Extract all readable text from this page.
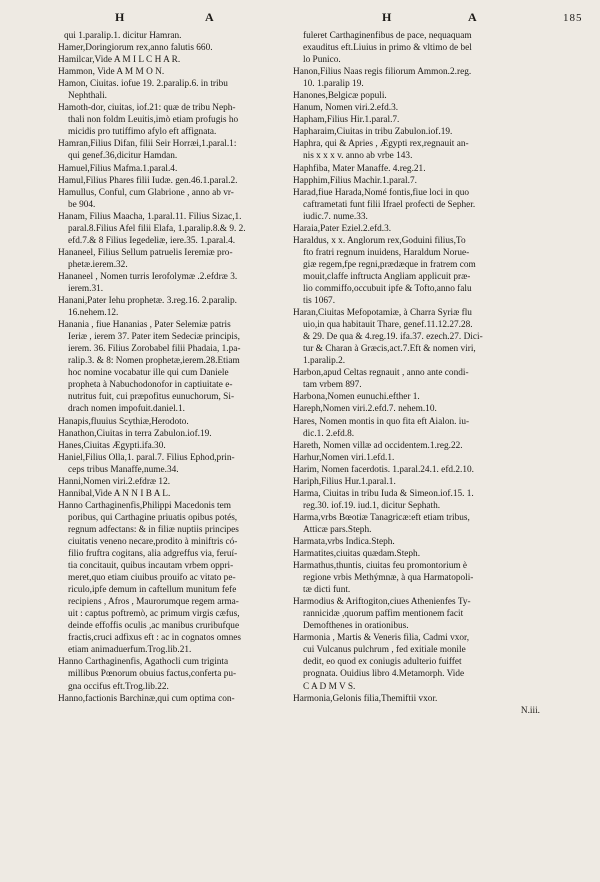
H	A	H	A	185
qui 1.paralip.1. dicitur Hamran.
Hamer,Doringiorum rex,anno falutis 660.
Hamilcar,Vide A M I L C H A R.
Hammon, Vide A M M O N.
Hamon, Ciuitas. iofue 19. 2.paralip.6. in tribu
Nephthali.
Hamoth-dor, ciuitas, iof.21: quæ de tribu Neph-
thali non foldm Leuitis,imò etiam profugis ho
micidis pro tutiffimo afylo eft affignata.
Hamran,Filius Difan, filii Seir Horræi,1.paral.1:
qui genef.36,dicitur Hamdan.
Hamuel,Filius Mafma.1.paral.4.
Hamul,Filius Phares filii Iudæ. gen.46.1.paral.2.
Hamullus, Conful, cum Glabrione , anno ab vr-
be 904.
Hanam, Filius Maacha, 1.paral.11. Filius Sizac,1.
paral.8.Filius Afel filii Elafa, 1.paralip.8.& 9. 2.
efd.7.& 8 Filius Iegedeliæ, iere.35. 1.paral.4.
Hananeel, Filius Sellum patruelis Ieremiæ pro-
phetæ.ierem.32.
Hananeel , Nomen turris Ierofolymæ .2.efdræ 3.
ierem.31.
Hanani,Pater Iehu prophetæ. 3.reg.16. 2.paralip.
16.nehem.12.
Hanania , fiue Hananias , Pater Selemiæ patris
Ieriæ , ierem 37. Pater item Sedeciæ principis,
ierem. 36. Filius Zorobabel filii Phadaia, 1.pa-
ralip.3. & 8: Nomen prophetæ,ierem.28.Etiam
hoc nomine vocabatur ille qui cum Daniele
propheta à Nabuchodonofor in captiuitate e-
nutritus fuit, cui præpofitus eunuchorum, Si-
drach nomen impofuit.daniel.1.
Hanapis,fluuius Scythiæ,Herodoto.
Hanathon,Ciuitas in terra Zabulon.iof.19.
Hanes,Ciuitas Ægypti.ifa.30.
Haniel,Filius Olla,1. paral.7. Filius Ephod,prin-
ceps tribus Manaffe,nume.34.
Hanni,Nomen viri.2.efdræ 12.
Hannibal,Vide A N N I B A L.
Hanno Carthaginenfis,Philippi Macedonis tem
poribus, qui Carthagine priuatis opibus potés,
regnum adfectans: & in filiæ nuptiis principes
ciuitatis veneno necare,prodito à miniftris có-
filio fruftra cogitans, alia adgreffus via, feruí-
tia concitauit, quibus incautam vrbem oppri-
meret,quo etiam ciuibus prouifo ac vitato pe-
riculo,ipfe demum in caftellum munitum fefe
recipiens , Afros , Maurorumque regem arma-
uit : captus poftremò, ac primum virgis cæfus,
deinde effoffis oculis ,ac manibus cruribufque
fractis,cruci adfixus eft : ac in cognatos omnes
etiam animaduerfum.Trog.lib.21.
Hanno Carthaginenfis, Agathocli cum triginta
millibus Pœnorum obuius factus,conferta pu-
gna occifus eft.Trog.lib.22.
Hanno,factionis Barchinæ,qui cum optima con-
fuleret Carthaginenfibus de pace, nequaquam
exauditus eft.Liuius in primo & vltimo de bel
lo Punico.
Hanon,Filius Naas regis filiorum Ammon.2.reg.
10. 1.paralip 19.
Hanones,Belgicæ populi.
Hanum, Nomen viri.2.efd.3.
Hapham,Filius Hir.1.paral.7.
Hapharaim,Ciuitas in tribu Zabulon.iof.19.
Haphra, qui & Apries , Ægypti rex,regnauit an-
nis x x x v. anno ab vrbe 143.
Haphfiba, Mater Manaffe. 4.reg.21.
Happhim,Filius Machir.1.paral.7.
Harad,fiue Harada,Nomé fontis,fiue loci in quo
caftrametati funt filii Ifrael profecti de Sepher.
iudic.7. nume.33.
Haraia,Pater Eziel.2.efd.3.
Haraldus, x x. Anglorum rex,Goduini filius,To
fto fratri regnum inuidens, Haraldum Norue-
giæ regem,fpe regni,prædæque in fratrem com
mouit,claffe inftructa Angliam applicuit præ-
lio commiffo,occubuit ipfe & Tofto,anno falu
tis 1067.
Haran,Ciuitas Mefopotamiæ, à Charra Syriæ flu
uio,in qua habitauit Thare, genef.11.12.27.28.
& 29. De qua & 4.reg.19. ifa.37. ezech.27. Dici-
tur & Charan à Græcis,act.7.Eft & nomen viri,
1.paralip.2.
Harbon,apud Celtas regnauit , anno ante condi-
tam vrbem 897.
Harbona,Nomen eunuchi.efther 1.
Hareph,Nomen viri.2.efd.7. nehem.10.
Hares, Nomen montis in quo fita eft Aialon. iu-
dic.1. 2.efd.8.
Hareth, Nomen villæ ad occidentem.1.reg.22.
Harhur,Nomen viri.1.efd.1.
Harim, Nomen facerdotis. 1.paral.24.1. efd.2.10.
Hariph,Filius Hur.1.paral.1.
Harma, Ciuitas in tribu Iuda & Simeon.iof.15. 1.
reg.30. iof.19. iud.1, dicitur Sephath.
Harma,vrbs Bœotiæ Tanagricæ:eft etiam tribus,
Atticæ pars.Steph.
Harmata,vrbs Indica.Steph.
Harmatites,ciuitas quædam.Steph.
Harmathus,thuntis, ciuitas feu promontorium è
regione vrbis Methýmnæ, à qua Harmatopoli-
tæ dicti funt.
Harmodius & Ariftogiton,ciues Athenienfes Ty-
rannicidæ ,quorum paffim mentionem facit
Demofthenes in orationibus.
Harmonia , Martis & Veneris filia, Cadmi vxor,
cui Vulcanus pulchrum , fed exitiale monile
dedit, eo quod ex coniugis adulterio fuiffet
prognata. Ouidius libro 4.Metamorph. Vide
C A D M V S.
Harmonia,Gelonis filia,Themiftii vxor.
N.iii.
